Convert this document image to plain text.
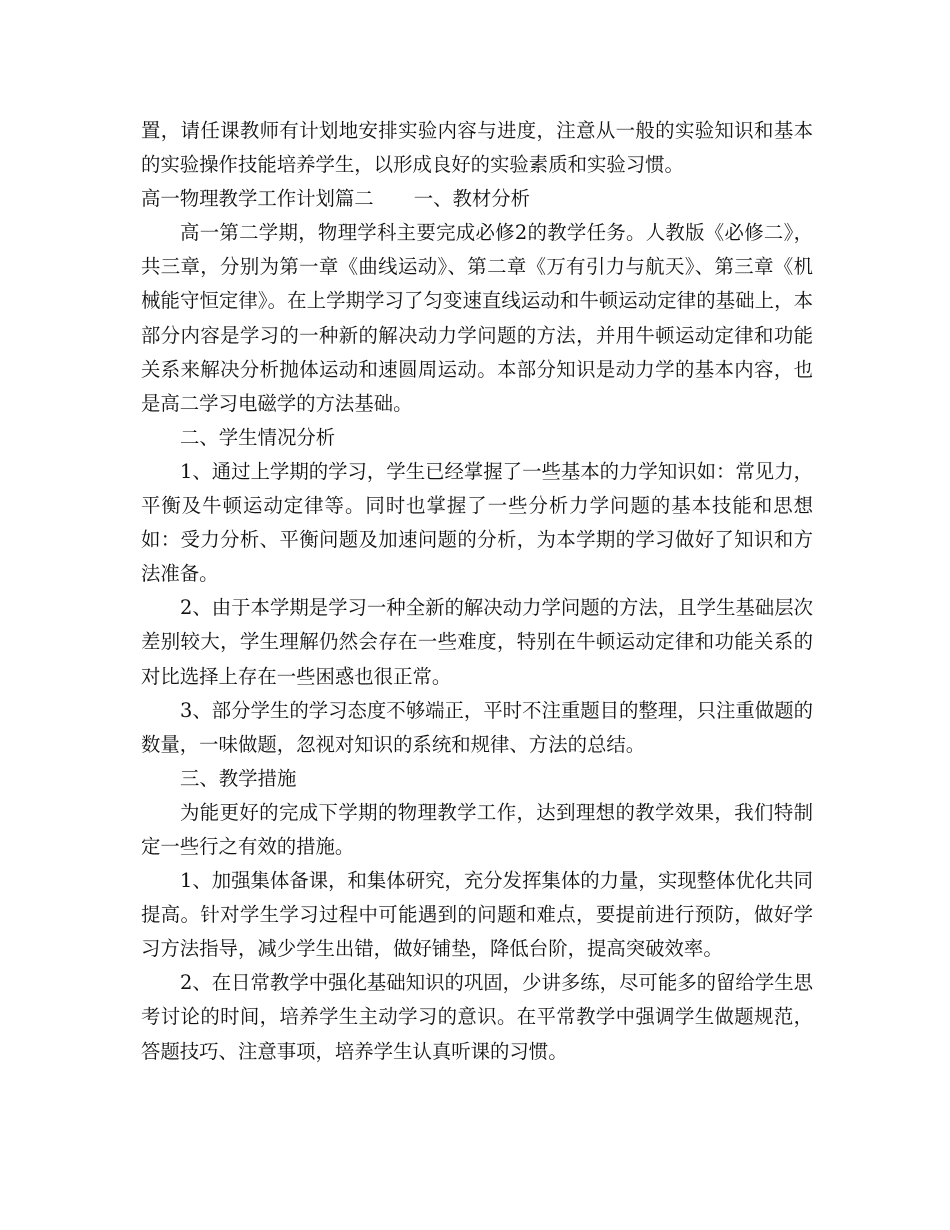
置，请任课教师有计划地安排实验内容与进度，注意从一般的实验知识和基本的实验操作技能培养学生，以形成良好的实验素质和实验习惯。

高一物理教学工作计划篇二 一、教材分析

高一第二学期，物理学科主要完成必修2的教学任务。人教版《必修二》，共三章，分别为第一章《曲线运动》、第二章《万有引力与航天》、第三章《机械能守恒定律》。在上学期学习了匀变速直线运动和牛顿运动定律的基础上，本部分内容是学习的一种新的解决动力学问题的方法，并用牛顿运动定律和功能关系来解决分析抛体运动和速圆周运动。本部分知识是动力学的基本内容，也是高二学习电磁学的方法基础。

二、学生情况分析

1、通过上学期的学习，学生已经掌握了一些基本的力学知识如：常见力，平衡及牛顿运动定律等。同时也掌握了一些分析力学问题的基本技能和思想如：受力分析、平衡问题及加速问题的分析，为本学期的学习做好了知识和方法准备。

2、由于本学期是学习一种全新的解决动力学问题的方法，且学生基础层次差别较大，学生理解仍然会存在一些难度，特别在牛顿运动定律和功能关系的对比选择上存在一些困惑也很正常。

3、部分学生的学习态度不够端正，平时不注重题目的整理，只注重做题的数量，一味做题，忽视对知识的系统和规律、方法的总结。

三、教学措施

为能更好的完成下学期的物理教学工作，达到理想的教学效果，我们特制定一些行之有效的措施。

1、加强集体备课，和集体研究，充分发挥集体的力量，实现整体优化共同提高。针对学生学习过程中可能遇到的问题和难点，要提前进行预防，做好学习方法指导，减少学生出错，做好铺垫，降低台阶，提高突破效率。

2、在日常教学中强化基础知识的巩固，少讲多练，尽可能多的留给学生思考讨论的时间，培养学生主动学习的意识。在平常教学中强调学生做题规范，答题技巧、注意事项，培养学生认真听课的习惯。
